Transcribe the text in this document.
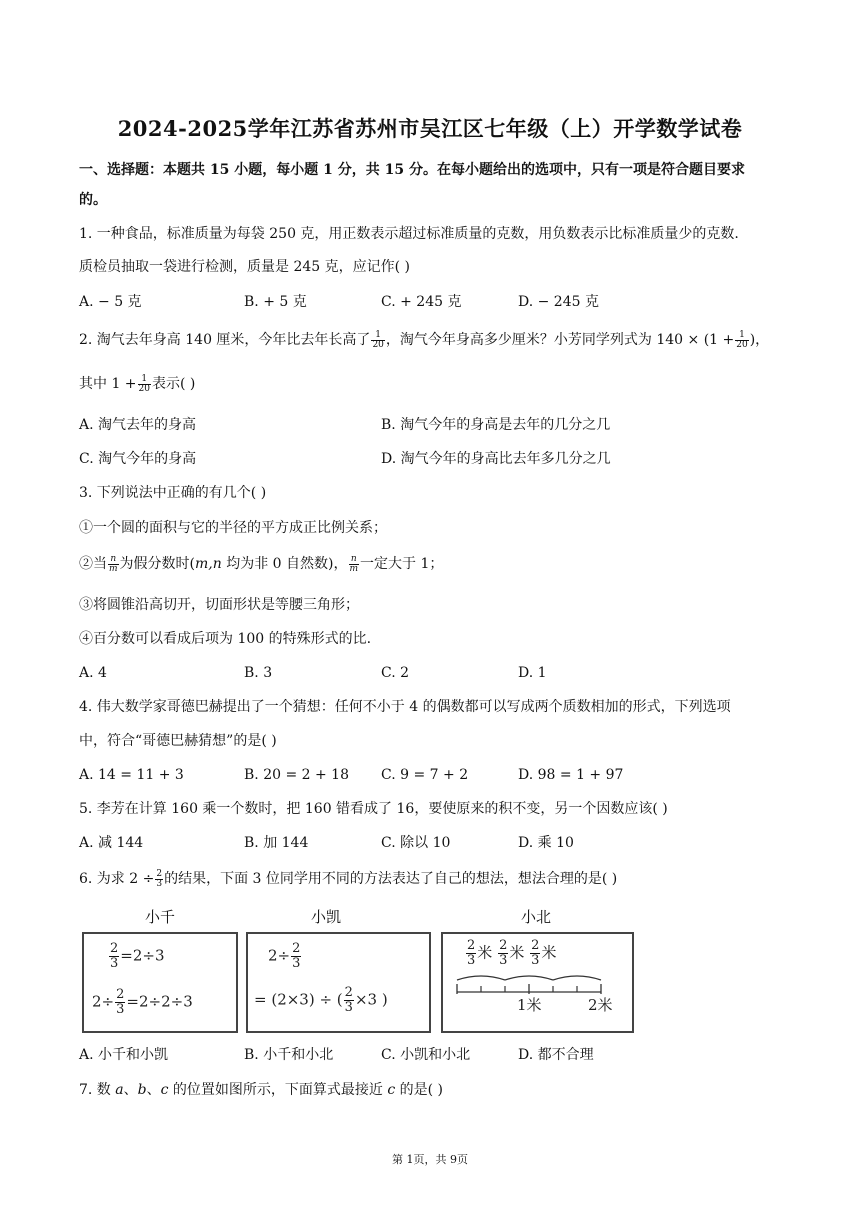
2024-2025学年江苏省苏州市吴江区七年级（上）开学数学试卷
一、选择题：本题共 15 小题，每小题 1 分，共 15 分。在每小题给出的选项中，只有一项是符合题目要求
的。
1. 一种食品，标准质量为每袋 250 克，用正数表示超过标准质量的克数，用负数表示比标准质量少的克数.
质检员抽取一袋进行检测，质量是 245 克，应记作( )
A. − 5 克	B. + 5 克	C. + 245 克	D. − 245 克
2. 淘气去年身高 140 厘米，今年比去年长高了 $\frac{1}{20}$ ，淘气今年身高多少厘米？小芳同学列式为 $140 \times (1 + \frac{1}{20}$ )，
其中 $1 + \frac{1}{20}$ 表示( )
A. 淘气去年的身高	B. 淘气今年的身高是去年的几分之几
C. 淘气今年的身高	D. 淘气今年的身高比去年多几分之几
3. 下列说法中正确的有几个( )
①一个圆的面积与它的半径的平方成正比例关系；
②当 $\frac{n}{m}$ 为假分数时(m,n 均为非 0 自然数)， $\frac{n}{m}$ 一定大于 1；
③将圆锥沿高切开，切面形状是等腰三角形；
④百分数可以看成后项为 100 的特殊形式的比.
A. 4	B. 3	C. 2	D. 1
4. 伟大数学家哥德巴赫提出了一个猜想：任何不小于 4 的偶数都可以写成两个质数相加的形式，下列选项
中，符合“哥德巴赫猜想”的是( )
A. 14 = 11 + 3	B. 20 = 2 + 18 C. 9 = 7 + 2	D. 98 = 1 + 97
5. 李芳在计算 160 乘一个数时，把 160 错看成了 16，要使原来的积不变，另一个因数应该( )
A. 减 144	B. 加 144	C. 除以 10	D. 乘 10
6. 为求 $2 \div \frac{2}{3}$ 的结果，下面 3 位同学用不同的方法表达了自己的想法，想法合理的是( )
小千	小凯	小北
$\frac{2}{3} =2\div 3$
$2\div \frac{2}{3} =2\div 2\div 3$
$2\div \frac{2}{3}$
= (2×3) ÷ ( $\frac{2}{3} \times 3$ )
$\frac{2}{3}$ 米 $\frac{2}{3}$ 米 $\frac{2}{3}$ 米
1米	2米
A. 小千和小凯	B. 小千和小北	C. 小凯和小北	D. 都不合理
7. 数 a、b、c 的位置如图所示，下面算式最接近 c 的是( )
第 1页，共 9页
